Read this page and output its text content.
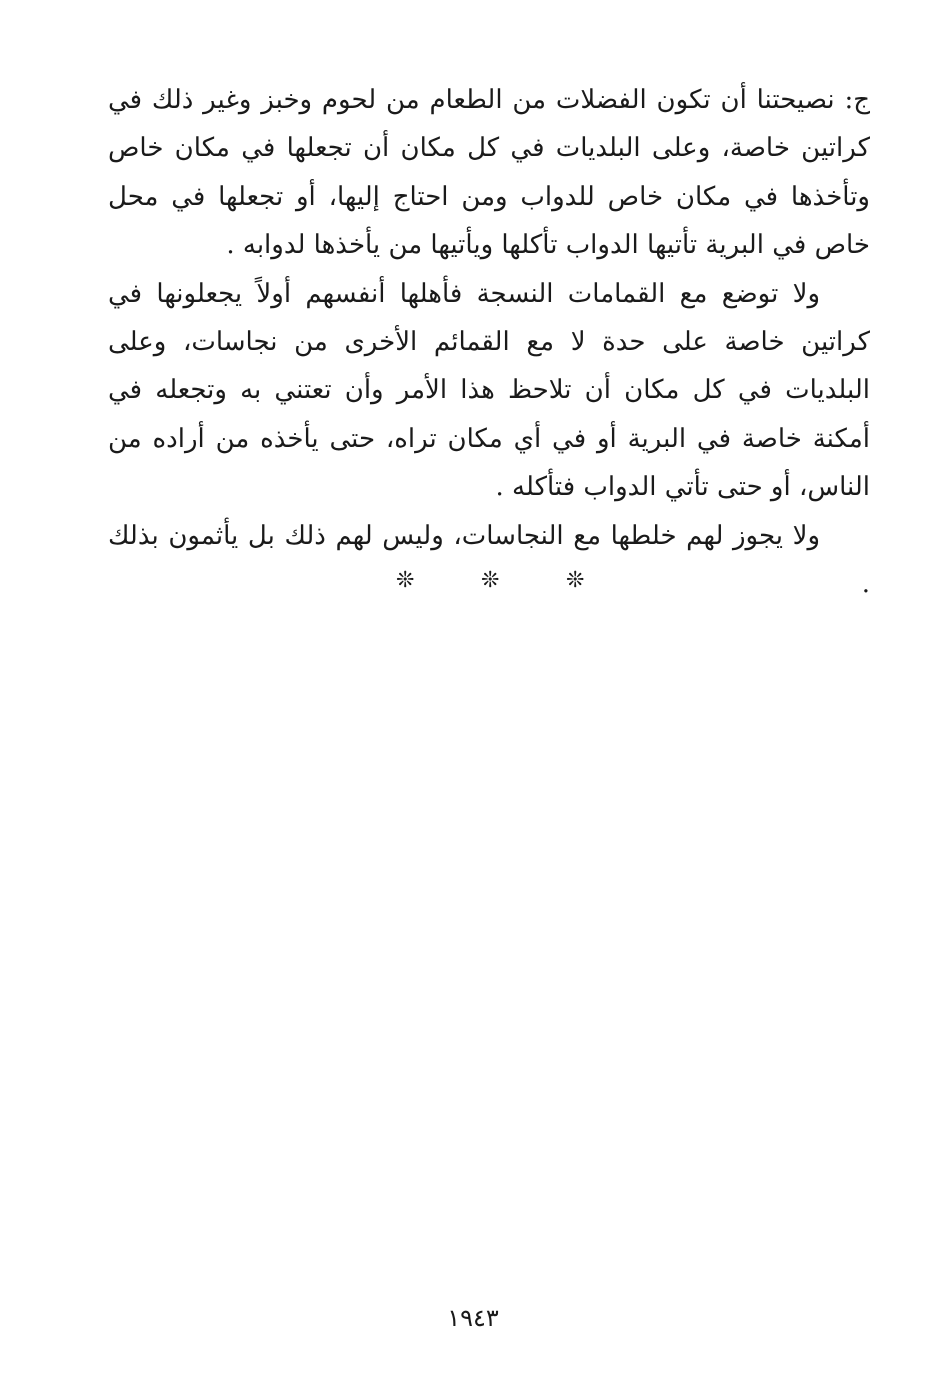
ج: نصيحتنا أن تكون الفضلات من الطعام من لحوم وخبز وغير ذلك في كراتين خاصة، وعلى البلديات في كل مكان أن تجعلها في مكان خاص وتأخذها في مكان خاص للدواب ومن احتاج إليها، أو تجعلها في محل خاص في البرية تأتيها الدواب تأكلها ويأتيها من يأخذها لدوابه .

ولا توضع مع القمامات النسجة فأهلها أنفسهم أولاً يجعلونها في كراتين خاصة على حدة لا مع القمائم الأخرى من نجاسات، وعلى البلديات في كل مكان أن تلاحظ هذا الأمر وأن تعتني به وتجعله في أمكنة خاصة في البرية أو في أي مكان تراه، حتى يأخذه من أراده من الناس، أو حتى تأتي الدواب فتأكله .

ولا يجوز لهم خلطها مع النجاسات، وليس لهم ذلك بل يأثمون بذلك .

❊	❊	❊
١٩٤٣
